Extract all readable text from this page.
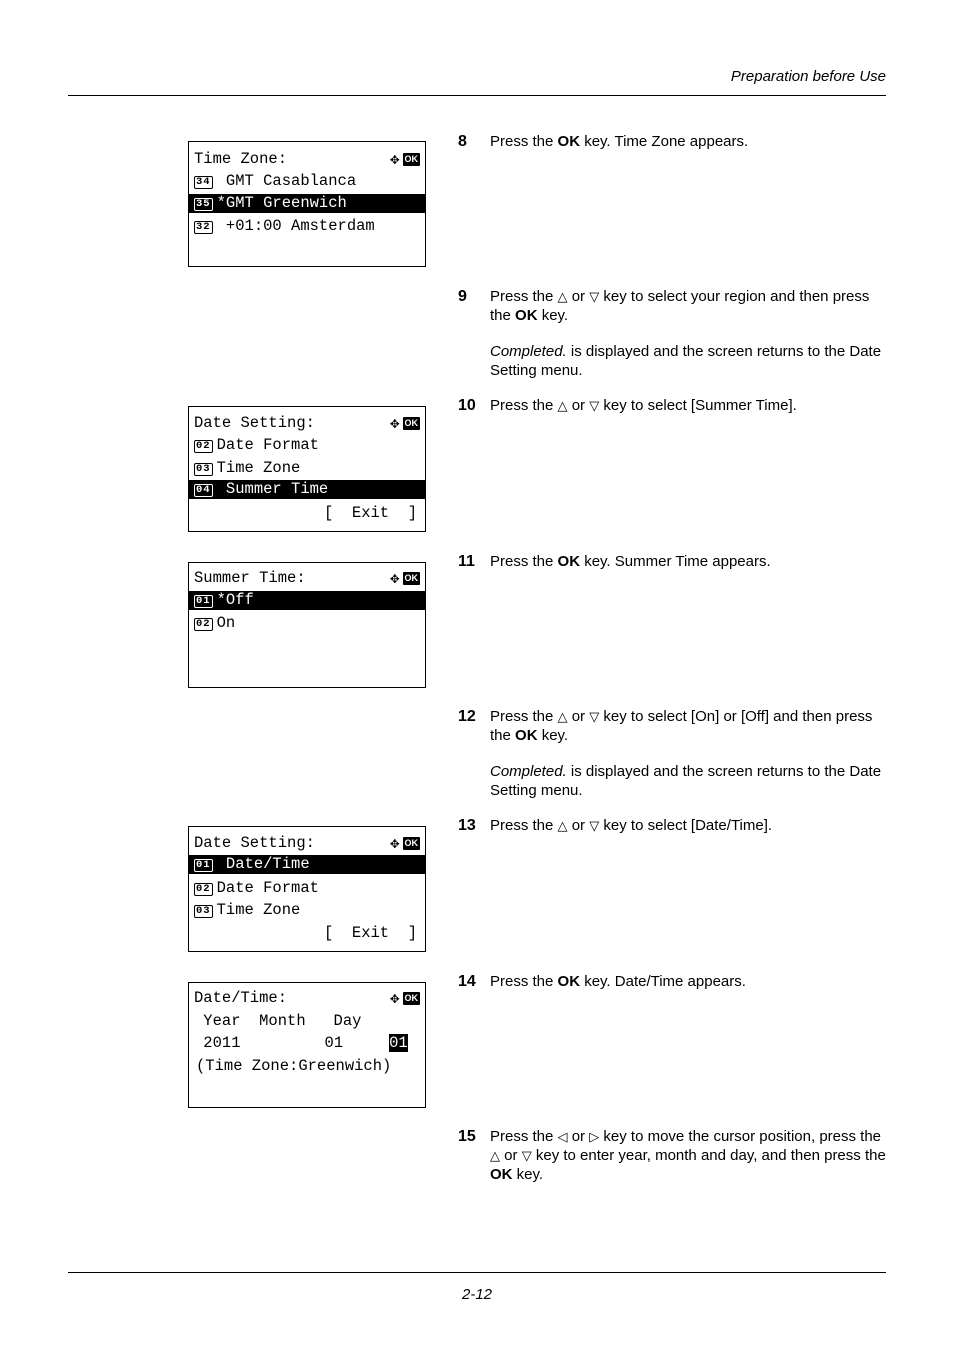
Preparation before Use
Time Zone:	✥ OK
34 GMT Casablanca
35 *GMT Greenwich
32 +01:00 Amsterdam
Date Setting:	✥ OK
02 Date Format
03 Time Zone
04 Summer Time
[  Exit  ]
Summer Time:	✥ OK
01 *Off
02 On
Date Setting:	✥ OK
01 Date/Time
02 Date Format
03 Time Zone
[  Exit  ]
Date/Time:	✥ OK
Year  Month   Day
2011	01	01
(Time Zone:Greenwich)
8 Press the OK key. Time Zone appears.

9 Press the △ or ▽ key to select your region and then press the OK key.

Completed. is displayed and the screen returns to the Date Setting menu.

10 Press the △ or ▽ key to select [Summer Time].

11 Press the OK key. Summer Time appears.

12 Press the △ or ▽ key to select [On] or [Off] and then press the OK key.

Completed. is displayed and the screen returns to the Date Setting menu.

13 Press the △ or ▽ key to select [Date/Time].

14 Press the OK key. Date/Time appears.

15 Press the ◁ or ▷ key to move the cursor position, press the △ or ▽ key to enter year, month and day, and then press the OK key.

2-12
